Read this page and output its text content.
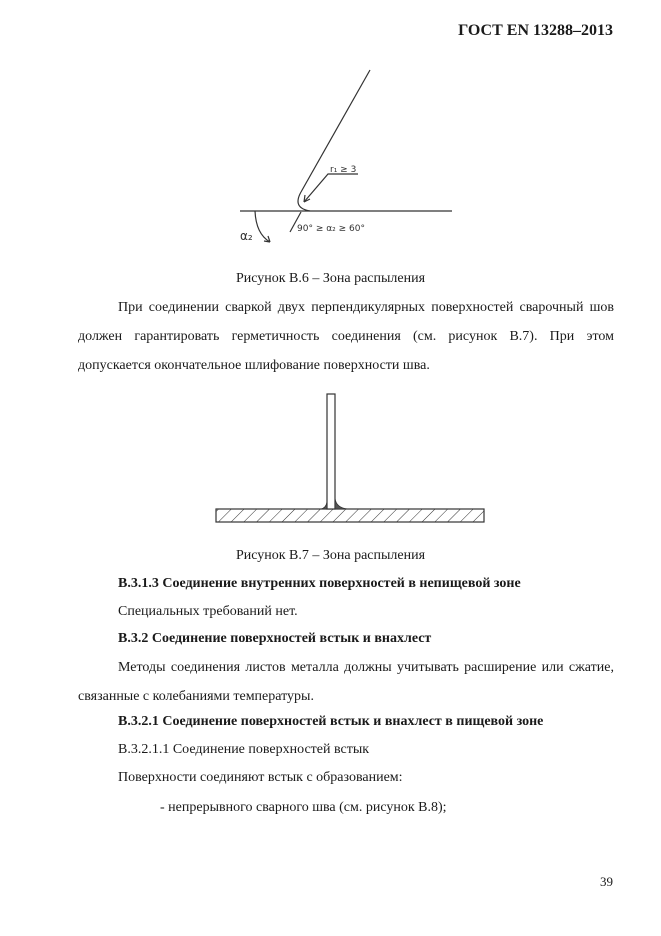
ГОСТ EN 13288–2013
r₁ ≥ 3
α₂	90° ≥ α₂ ≥ 60°
Рисунок В.6 – Зона распыления
При соединении сваркой двух перпендикулярных поверхностей сварочный шов должен гарантировать герметичность соединения (см. рисунок В.7). При этом допускается окончательное шлифование поверхности шва.
Рисунок В.7 – Зона распыления
В.3.1.3 Соединение внутренних поверхностей в непищевой зоне
Специальных требований нет.
В.3.2 Соединение поверхностей встык и внахлест
Методы соединения листов металла должны учитывать расширение или сжатие, связанные с колебаниями температуры.
В.3.2.1 Соединение поверхностей встык и внахлест в пищевой зоне
В.3.2.1.1 Соединение поверхностей встык
Поверхности соединяют встык с образованием:
- непрерывного сварного шва (см. рисунок В.8);
39
